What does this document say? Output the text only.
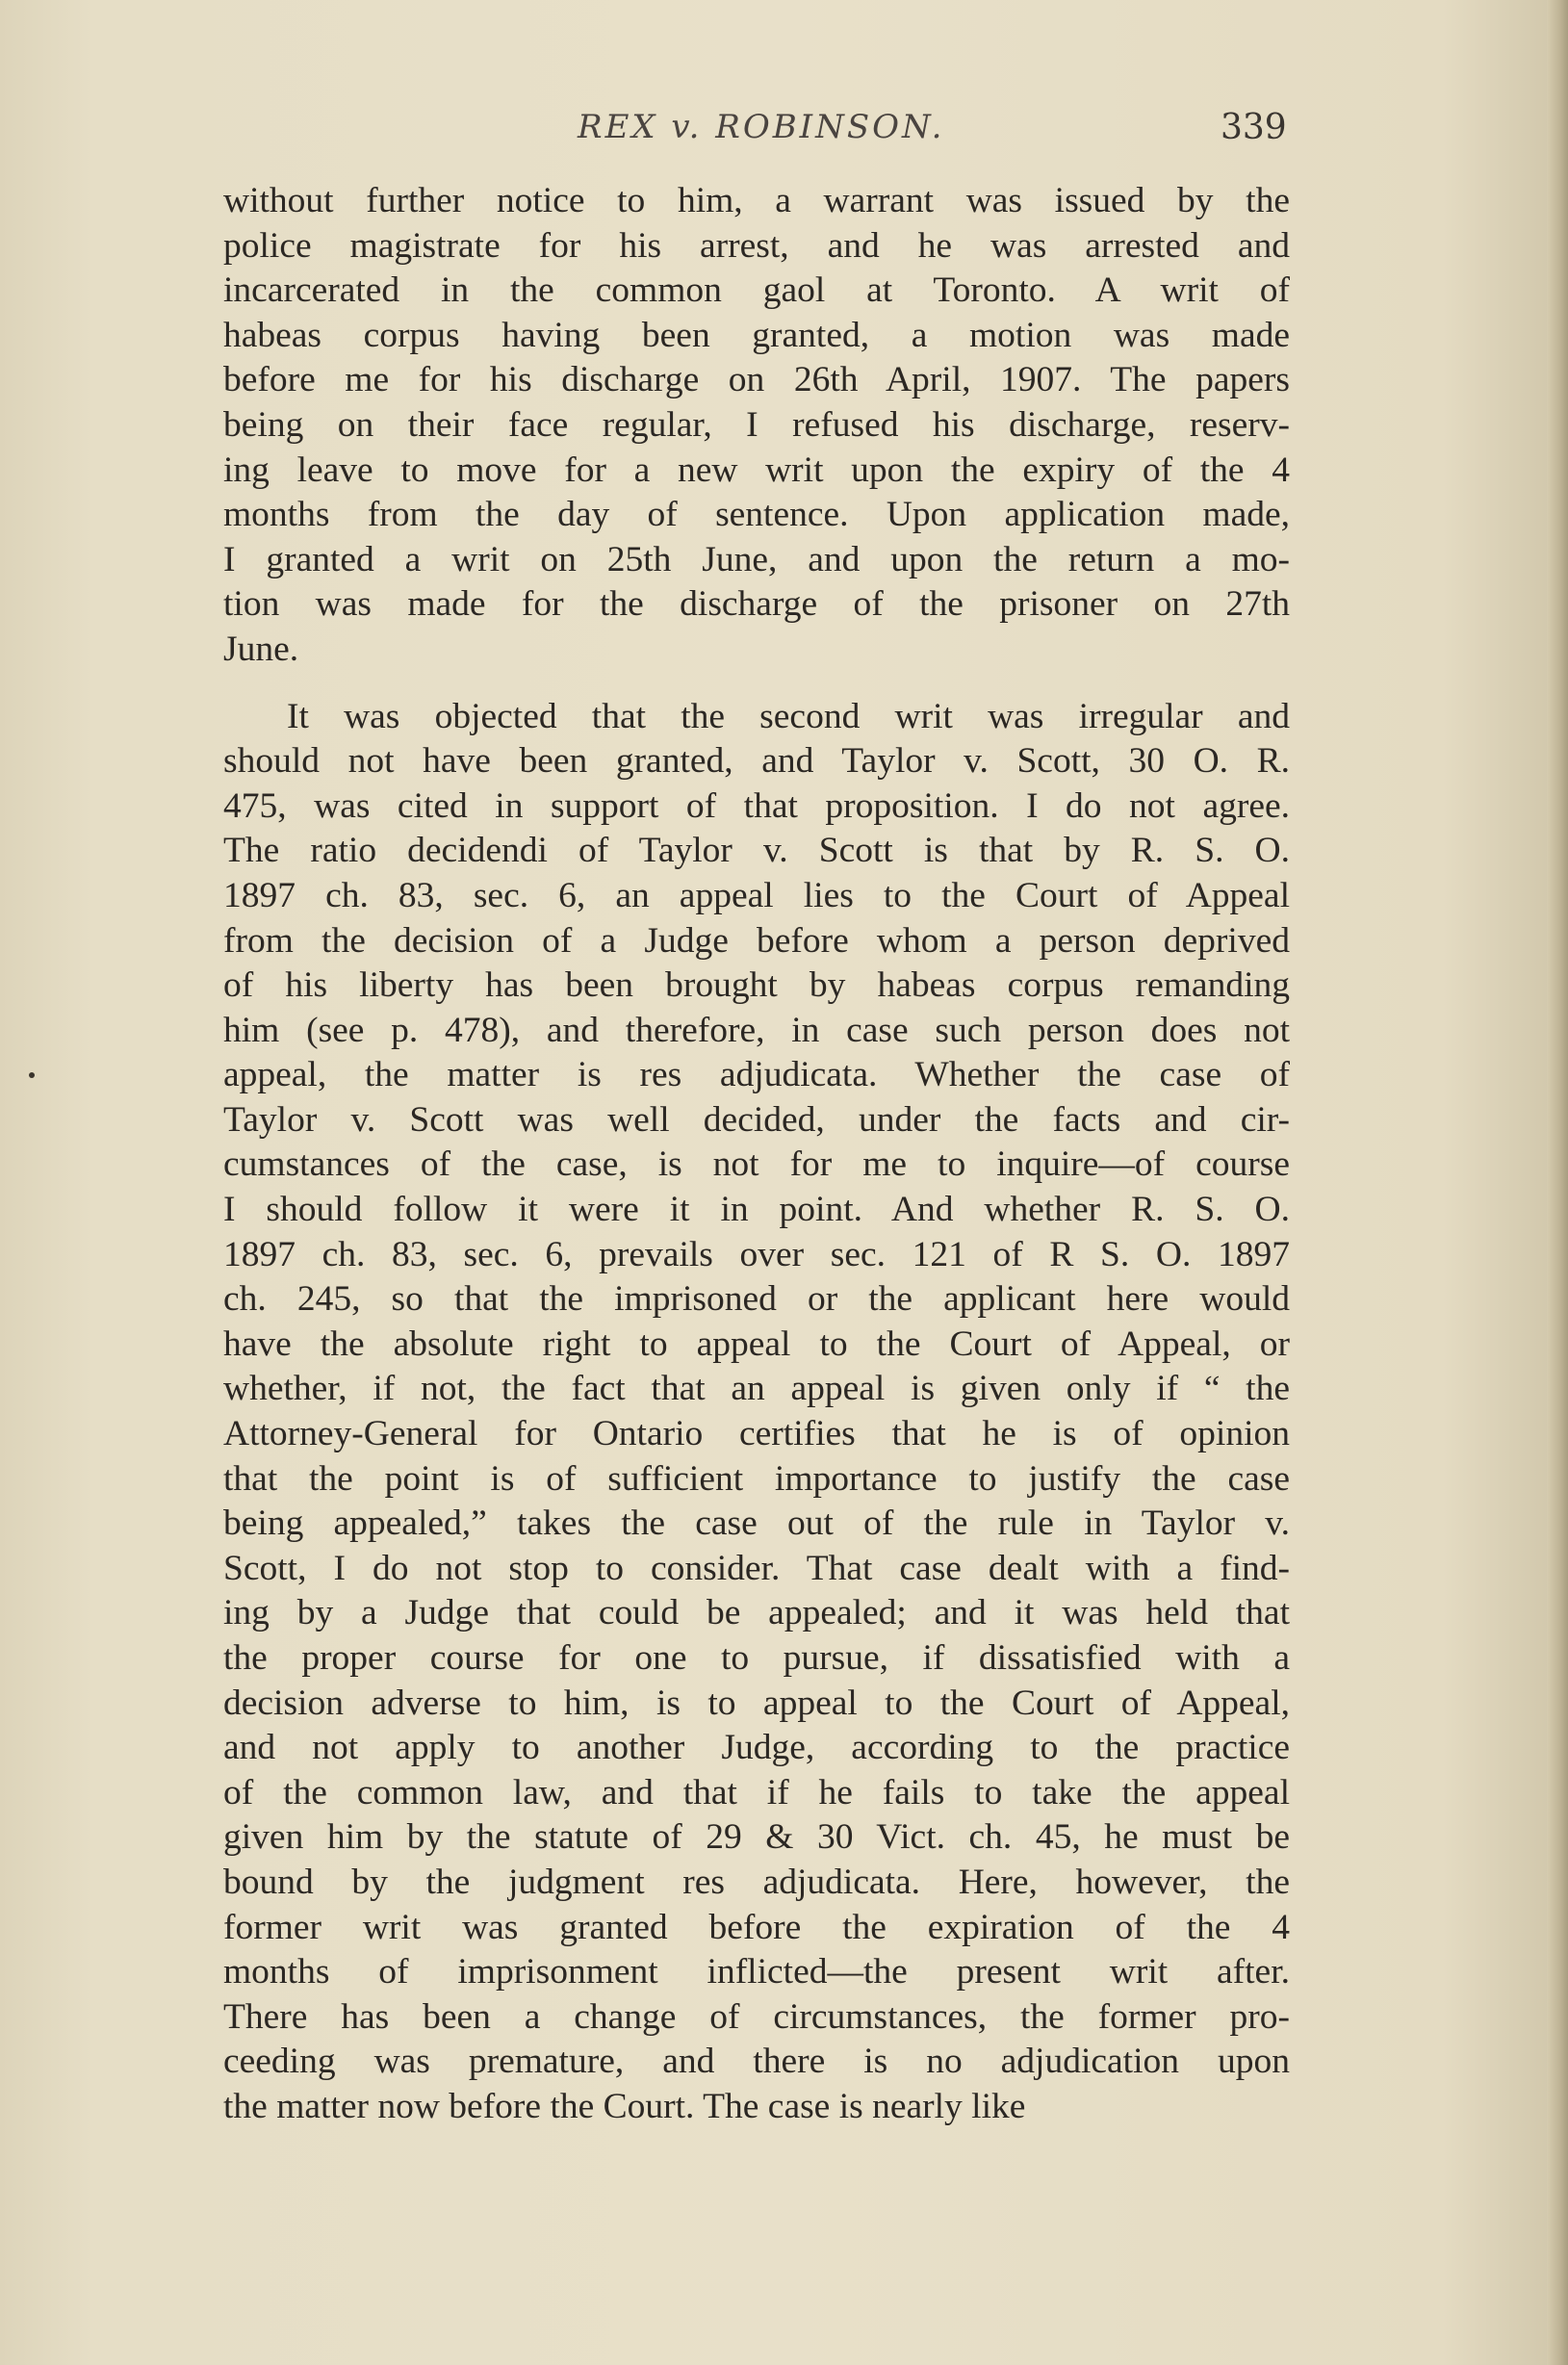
REX v. ROBINSON.	339

without further notice to him, a warrant was issued by the
police magistrate for his arrest, and he was arrested and
incarcerated in the common gaol at Toronto. A writ of
habeas corpus having been granted, a motion was made
before me for his discharge on 26th April, 1907. The papers
being on their face regular, I refused his discharge, reserv-
ing leave to move for a new writ upon the expiry of the 4
months from the day of sentence. Upon application made,
I granted a writ on 25th June, and upon the return a mo-
tion was made for the discharge of the prisoner on 27th
June.

It was objected that the second writ was irregular and
should not have been granted, and Taylor v. Scott, 30 O. R.
475, was cited in support of that proposition. I do not agree.
The ratio decidendi of Taylor v. Scott is that by R. S. O.
1897 ch. 83, sec. 6, an appeal lies to the Court of Appeal
from the decision of a Judge before whom a person deprived
of his liberty has been brought by habeas corpus remanding
him (see p. 478), and therefore, in case such person does not
appeal, the matter is res adjudicata. Whether the case of
Taylor v. Scott was well decided, under the facts and cir-
cumstances of the case, is not for me to inquire—of course
I should follow it were it in point. And whether R. S. O.
1897 ch. 83, sec. 6, prevails over sec. 121 of R S. O. 1897
ch. 245, so that the imprisoned or the applicant here would
have the absolute right to appeal to the Court of Appeal, or
whether, if not, the fact that an appeal is given only if “ the
Attorney-General for Ontario certifies that he is of opinion
that the point is of sufficient importance to justify the case
being appealed,” takes the case out of the rule in Taylor v.
Scott, I do not stop to consider. That case dealt with a find-
ing by a Judge that could be appealed; and it was held that
the proper course for one to pursue, if dissatisfied with a
decision adverse to him, is to appeal to the Court of Appeal,
and not apply to another Judge, according to the practice
of the common law, and that if he fails to take the appeal
given him by the statute of 29 & 30 Vict. ch. 45, he must be
bound by the judgment res adjudicata. Here, however, the
former writ was granted before the expiration of the 4
months of imprisonment inflicted—the present writ after.
There has been a change of circumstances, the former pro-
ceeding was premature, and there is no adjudication upon
the matter now before the Court. The case is nearly like
